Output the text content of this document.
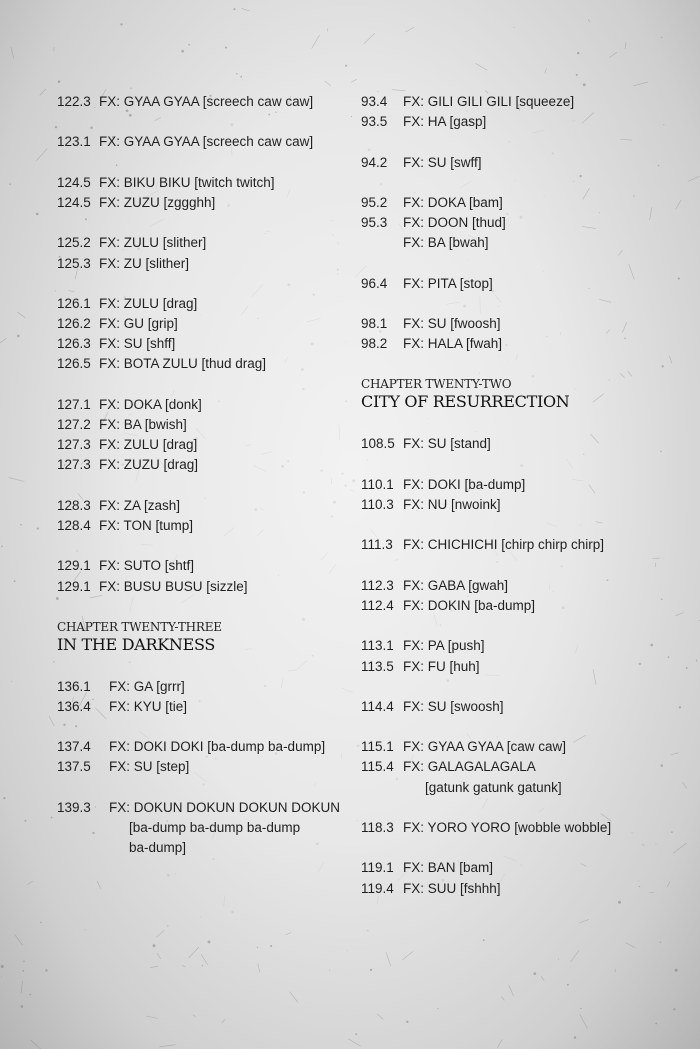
122.3 FX: GYAA GYAA [screech caw caw]
123.1 FX: GYAA GYAA [screech caw caw]
124.5 FX: BIKU BIKU [twitch twitch]
124.5 FX: ZUZU [zggghh]
125.2 FX: ZULU [slither]
125.3 FX: ZU [slither]
126.1 FX: ZULU [drag]
126.2 FX: GU [grip]
126.3 FX: SU [shff]
126.5 FX: BOTA ZULU [thud drag]
127.1 FX: DOKA [donk]
127.2 FX: BA [bwish]
127.3 FX: ZULU [drag]
127.3 FX: ZUZU [drag]
128.3 FX: ZA [zash]
128.4 FX: TON [tump]
129.1 FX: SUTO [shtf]
129.1 FX: BUSU BUSU [sizzle]
CHAPTER TWENTY-THREE
IN THE DARKNESS
136.1 FX: GA [grrr]
136.4 FX: KYU [tie]
137.4 FX: DOKI DOKI [ba-dump ba-dump]
137.5 FX: SU [step]
139.3 FX: DOKUN DOKUN DOKUN DOKUN
[ba-dump ba-dump ba-dump
ba-dump]
93.4 FX: GILI GILI GILI [squeeze]
93.5 FX: HA [gasp]
94.2 FX: SU [swff]
95.2 FX: DOKA [bam]
95.3 FX: DOON [thud]
FX: BA [bwah]
96.4 FX: PITA [stop]
98.1 FX: SU [fwoosh]
98.2 FX: HALA [fwah]
CHAPTER TWENTY-TWO
CITY OF RESURRECTION
108.5 FX: SU [stand]
110.1 FX: DOKI [ba-dump]
110.3 FX: NU [nwoink]
111.3 FX: CHICHICHI [chirp chirp chirp]
112.3 FX: GABA [gwah]
112.4 FX: DOKIN [ba-dump]
113.1 FX: PA [push]
113.5 FX: FU [huh]
114.4 FX: SU [swoosh]
115.1 FX: GYAA GYAA [caw caw]
115.4 FX: GALAGALAGALA
[gatunk gatunk gatunk]
118.3 FX: YORO YORO [wobble wobble]
119.1 FX: BAN [bam]
119.4 FX: SUU [fshhh]
